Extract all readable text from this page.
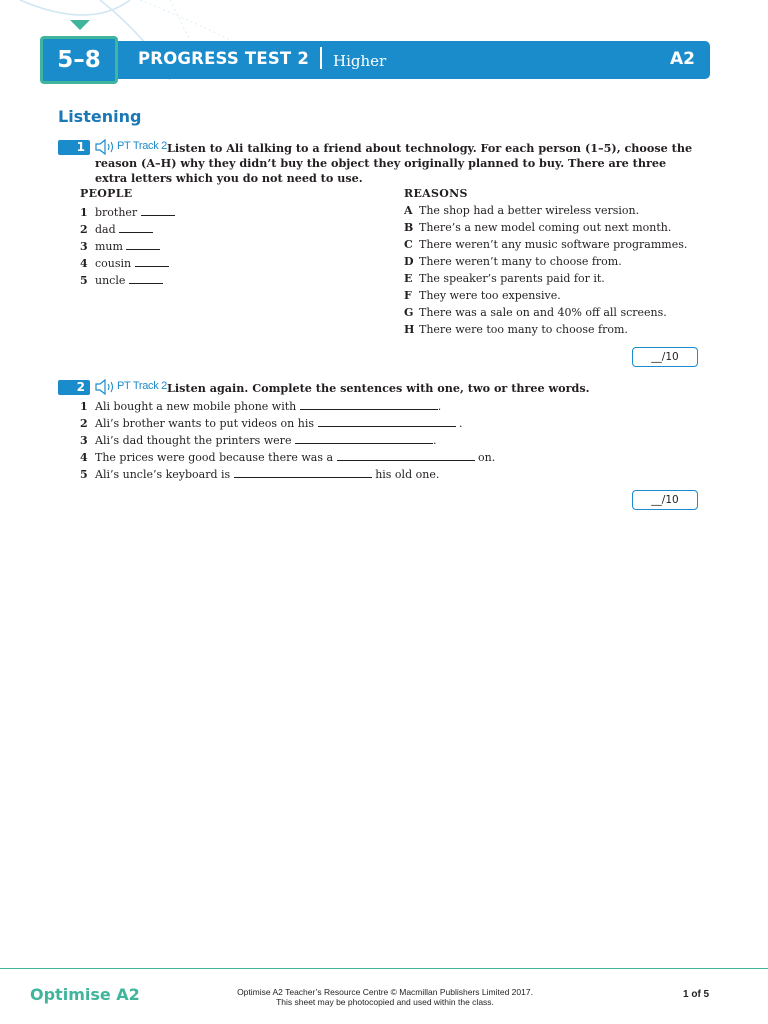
5–8 PROGRESS TEST 2 Higher	A2
Listening
1	PT Track 2 Listen to Ali talking to a friend about technology. For each person (1–5), choose the
reason (A–H) why they didn’t buy the object they originally planned to buy. There are three
extra letters which you do not need to use.
PEOPLE	REASONS
1 brother
2 dad
3 mum
4 cousin
5 uncle
A The shop had a better wireless version.
B There’s a new model coming out next month.
C There weren’t any music software programmes.
D There weren’t many to choose from.
E The speaker’s parents paid for it.
F They were too expensive.
G There was a sale on and 40% off all screens.
H There were too many to choose from.
__/10
2	PT Track 2 Listen again. Complete the sentences with one, two or three words.
1 Ali bought a new mobile phone with	.
2 Ali’s brother wants to put videos on his	.
3 Ali’s dad thought the printers were	.
4 The prices were good because there was a	on.
5 Ali’s uncle’s keyboard is	his old one.
__/10
Optimise A2	Optimise A2 Teacher’s Resource Centre © Macmillan Publishers Limited 2017.
This sheet may be photocopied and used within the class.
1 of 5
